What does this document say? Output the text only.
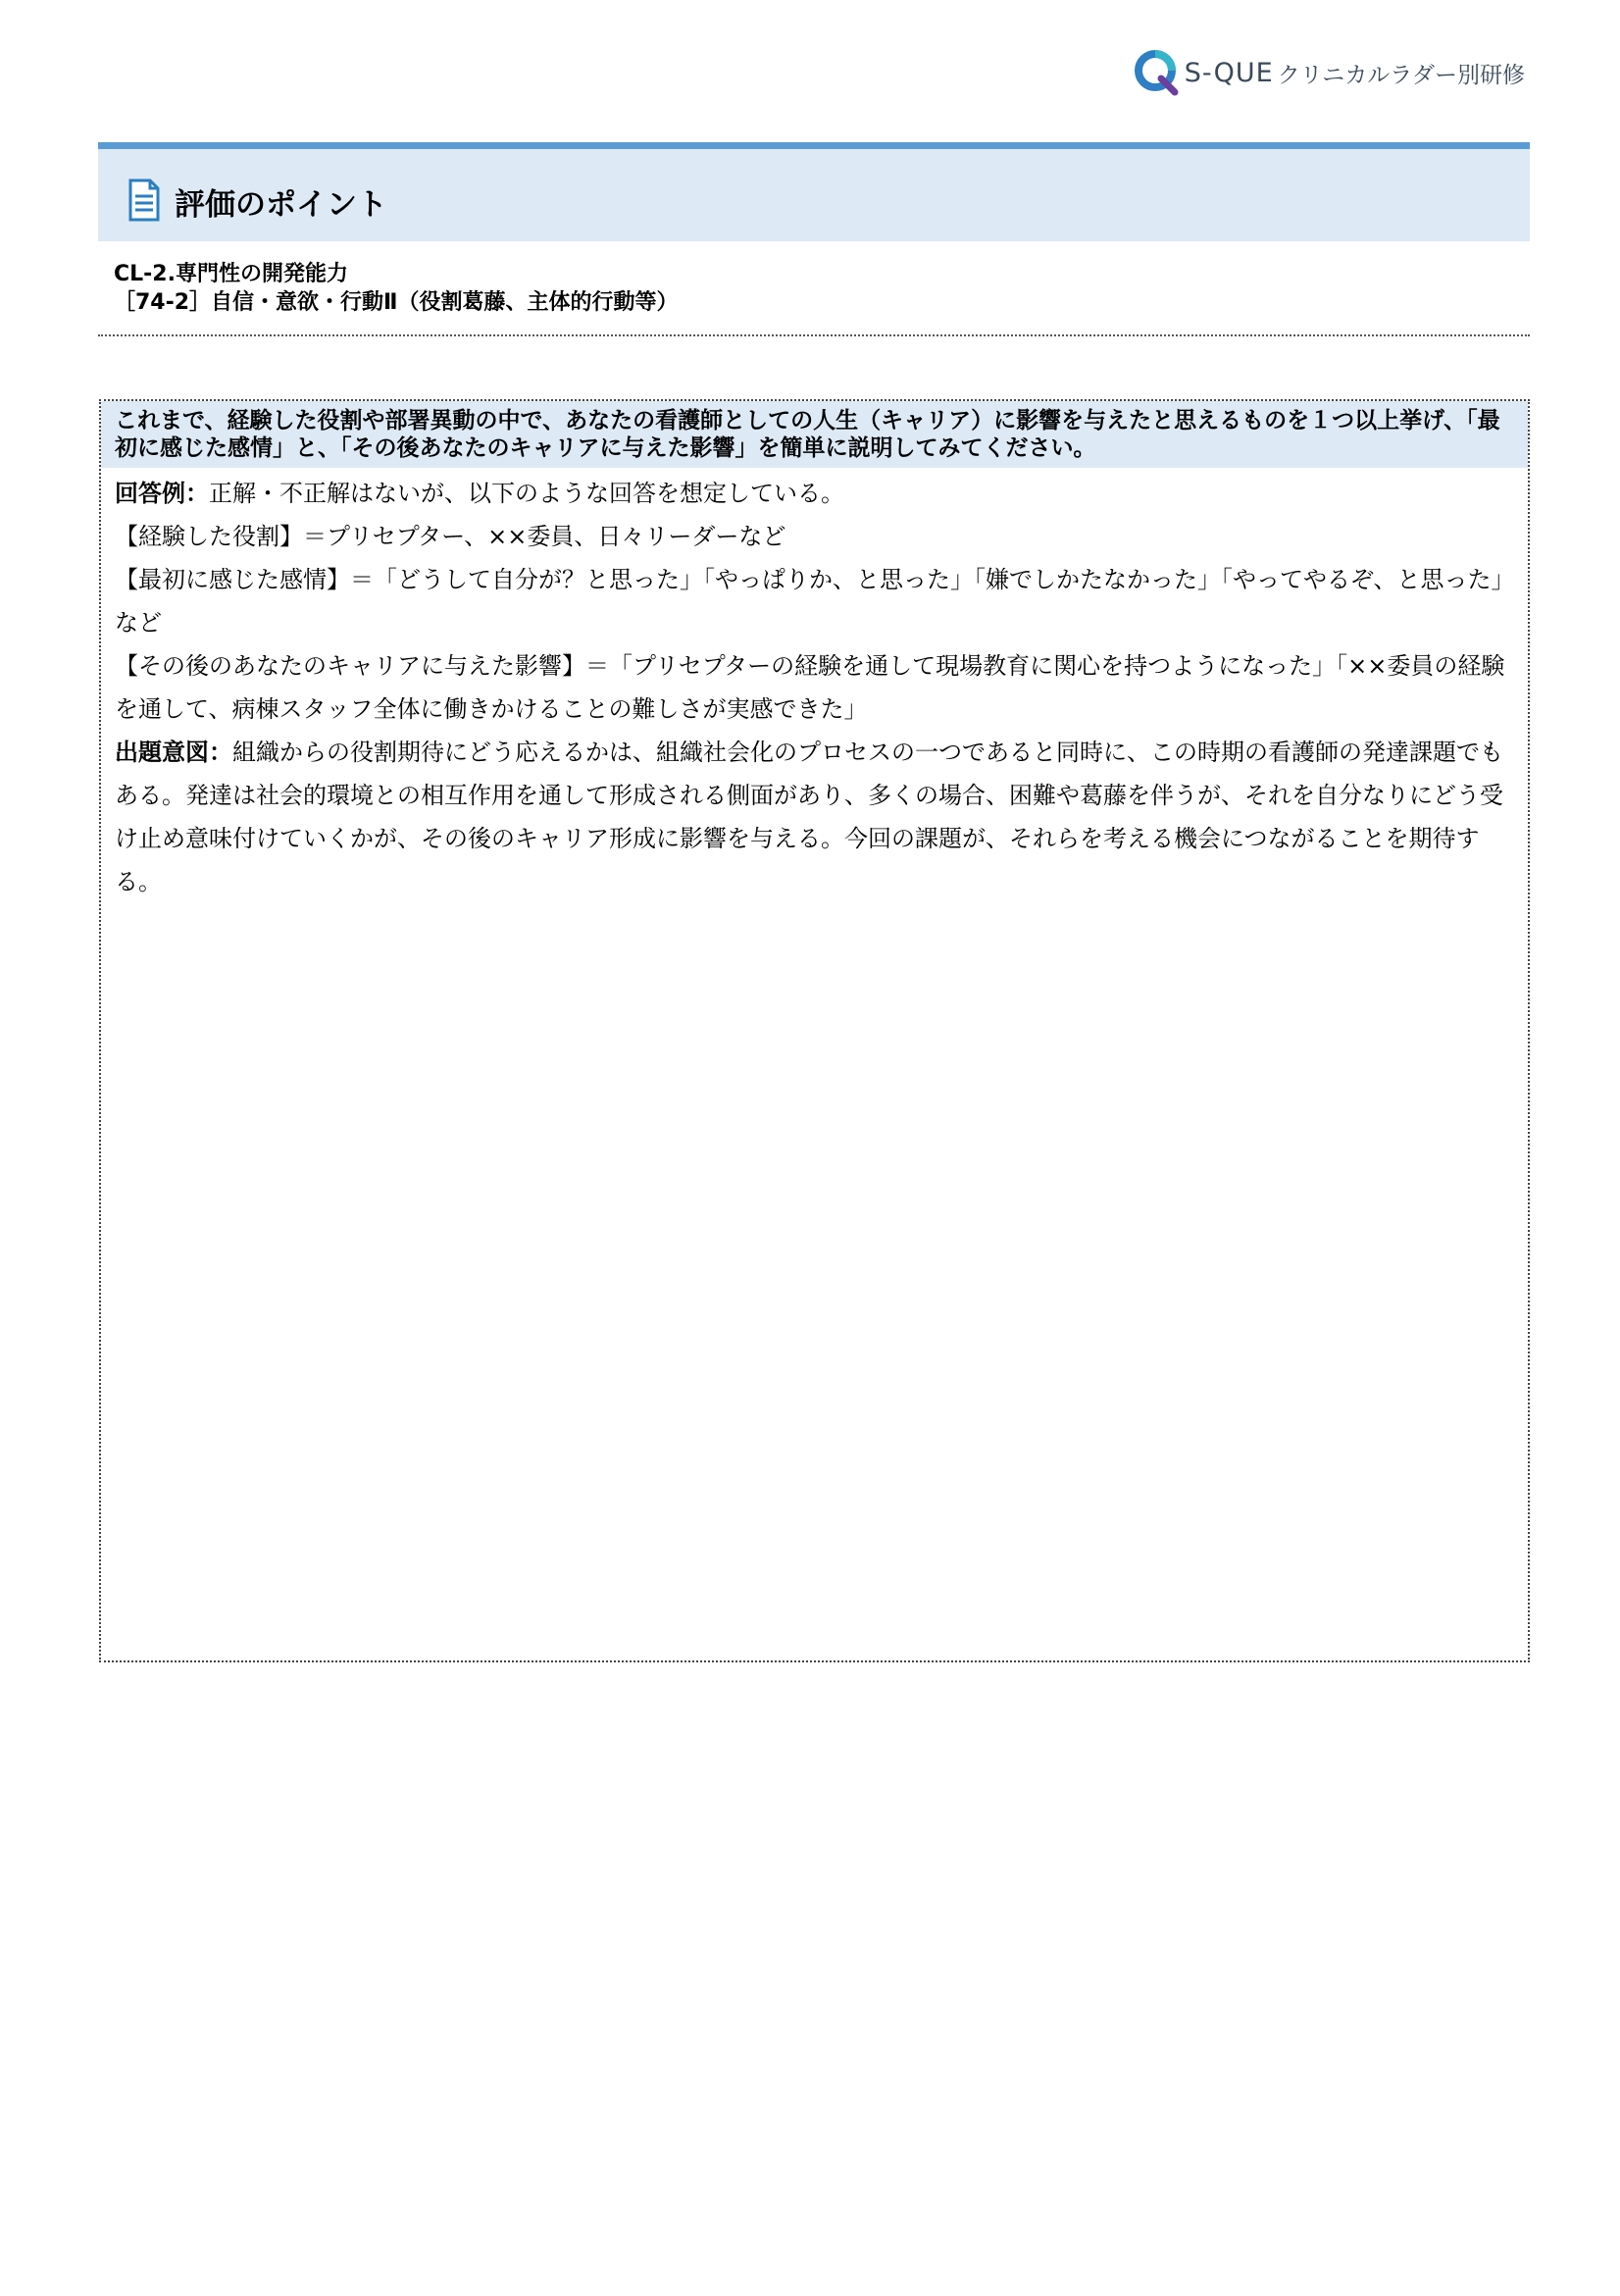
S-QUE クリニカルラダー別研修
評価のポイント
CL-2.専門性の開発能力
［74-2］自信・意欲・行動Ⅱ（役割葛藤、主体的行動等）
これまで、経験した役割や部署異動の中で、あなたの看護師としての人生（キャリア）に影響を与えたと思えるものを１つ以上挙げ、「最初に感じた感情」と、「その後あなたのキャリアに与えた影響」を簡単に説明してみてください。

回答例：正解・不正解はないが、以下のような回答を想定している。

【経験した役割】＝プリセプター、××委員、日々リーダーなど

【最初に感じた感情】＝「どうして自分が？と思った」「やっぱりか、と思った」「嫌でしかたなかった」「やってやるぞ、と思った」など

【その後のあなたのキャリアに与えた影響】＝「プリセプターの経験を通して現場教育に関心を持つようになった」「××委員の経験を通して、病棟スタッフ全体に働きかけることの難しさが実感できた」

出題意図：組織からの役割期待にどう応えるかは、組織社会化のプロセスの一つであると同時に、この時期の看護師の発達課題でもある。発達は社会的環境との相互作用を通して形成される側面があり、多くの場合、困難や葛藤を伴うが、それを自分なりにどう受け止め意味付けていくかが、その後のキャリア形成に影響を与える。今回の課題が、それらを考える機会につながることを期待する。
